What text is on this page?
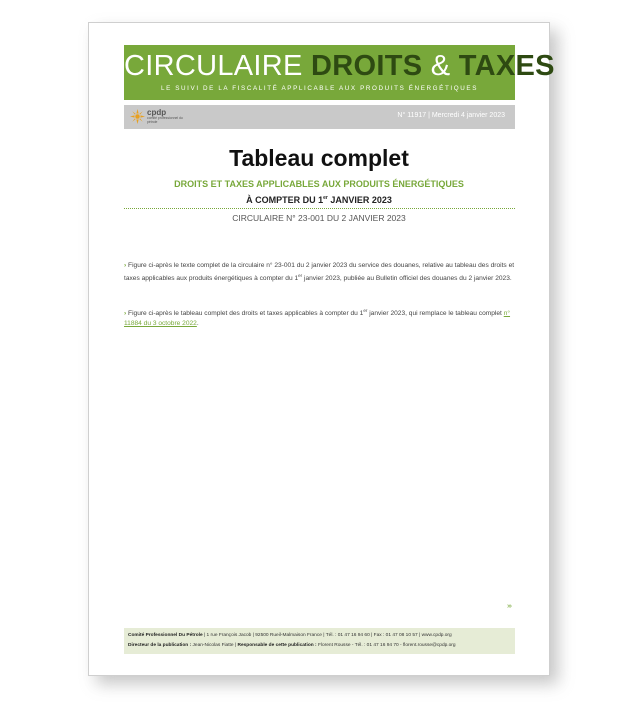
CIRCULAIRE DROITS & TAXES
LE SUIVI DE LA FISCALITÉ APPLICABLE AUX PRODUITS ÉNERGÉTIQUES
cpdp
comité professionnel du pétrole
N° 11917 | Mercredi 4 janvier 2023
Tableau complet
DROITS ET TAXES APPLICABLES AUX PRODUITS ÉNERGÉTIQUES
À COMPTER DU 1er JANVIER 2023
CIRCULAIRE N° 23-001 DU 2 JANVIER 2023
› Figure ci-après le texte complet de la circulaire n° 23-001 du 2 janvier 2023 du service des douanes, relative au tableau des droits et taxes applicables aux produits énergétiques à compter du 1er janvier 2023, publiée au Bulletin officiel des douanes du 2 janvier 2023.
› Figure ci-après le tableau complet des droits et taxes applicables à compter du 1er janvier 2023, qui remplace le tableau complet n° 11884 du 3 octobre 2022.
›››
Comité Professionnel Du Pétrole | 1 rue François Jacob | 92500 Rueil-Malmaison France | Tél. : 01 47 16 94 60 | Fax : 01 47 08 10 57 | www.cpdp.org
Directeur de la publication : Jean-Nicolas Fiatte | Responsable de cette publication : Florent Rousse - Tél. : 01 47 16 94 70 - florent.rousse@cpdp.org
